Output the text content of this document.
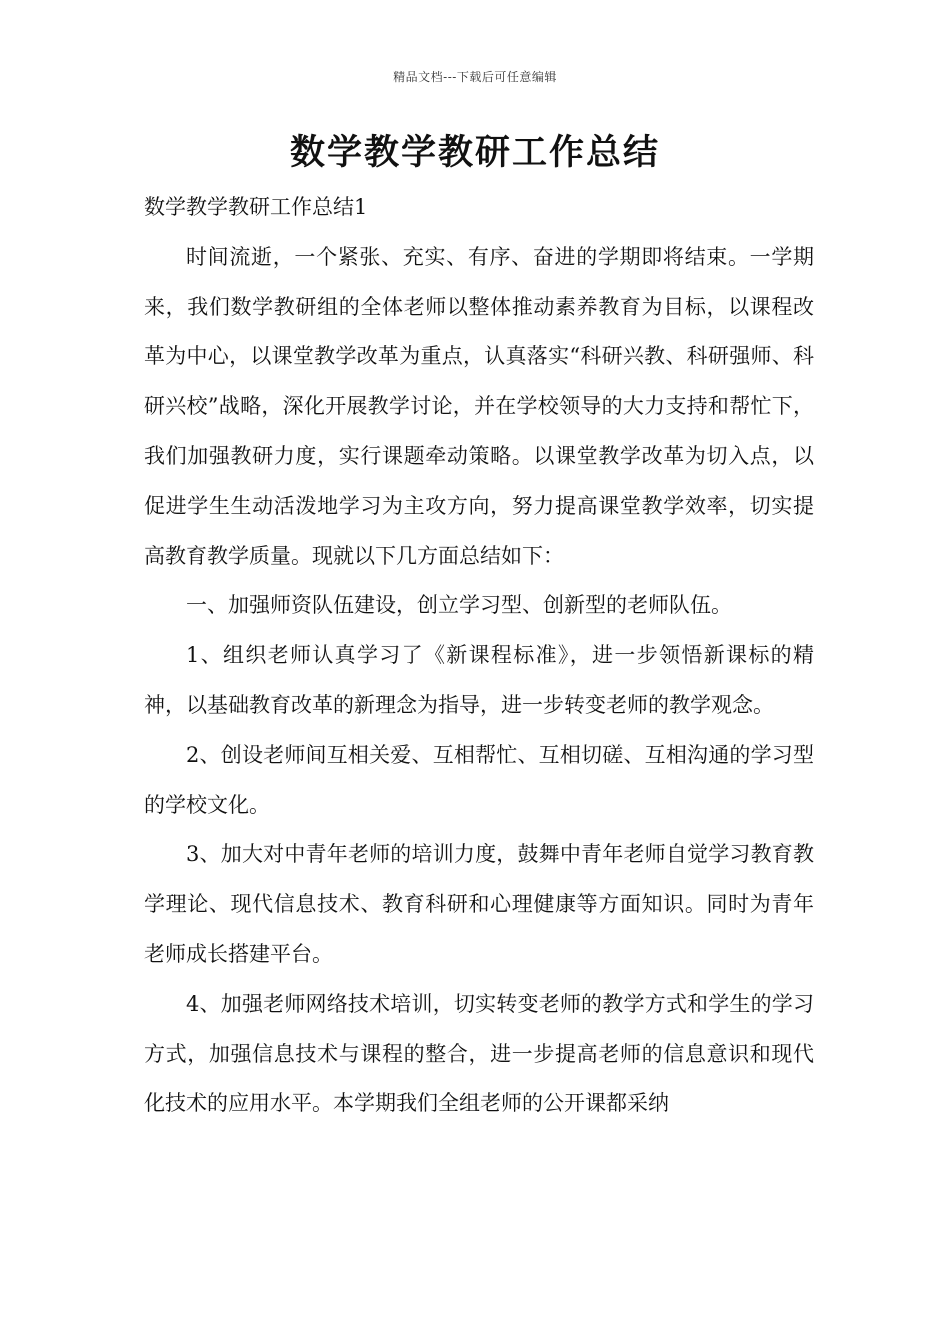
精品文档---下载后可任意编辑
数学教学教研工作总结

数学教学教研工作总结1

时间流逝，一个紧张、充实、有序、奋进的学期即将结束。一学期来，我们数学教研组的全体老师以整体推动素养教育为目标，以课程改革为中心，以课堂教学改革为重点，认真落实“科研兴教、科研强师、科研兴校”战略，深化开展教学讨论，并在学校领导的大力支持和帮忙下，我们加强教研力度，实行课题牵动策略。以课堂教学改革为切入点，以促进学生生动活泼地学习为主攻方向，努力提高课堂教学效率，切实提高教育教学质量。现就以下几方面总结如下：

一、加强师资队伍建设，创立学习型、创新型的老师队伍。

1、组织老师认真学习了《新课程标准》，进一步领悟新课标的精神，以基础教育改革的新理念为指导，进一步转变老师的教学观念。

2、创设老师间互相关爱、互相帮忙、互相切磋、互相沟通的学习型的学校文化。

3、加大对中青年老师的培训力度，鼓舞中青年老师自觉学习教育教学理论、现代信息技术、教育科研和心理健康等方面知识。同时为青年老师成长搭建平台。

4、加强老师网络技术培训，切实转变老师的教学方式和学生的学习方式，加强信息技术与课程的整合，进一步提高老师的信息意识和现代化技术的应用水平。本学期我们全组老师的公开课都采纳
